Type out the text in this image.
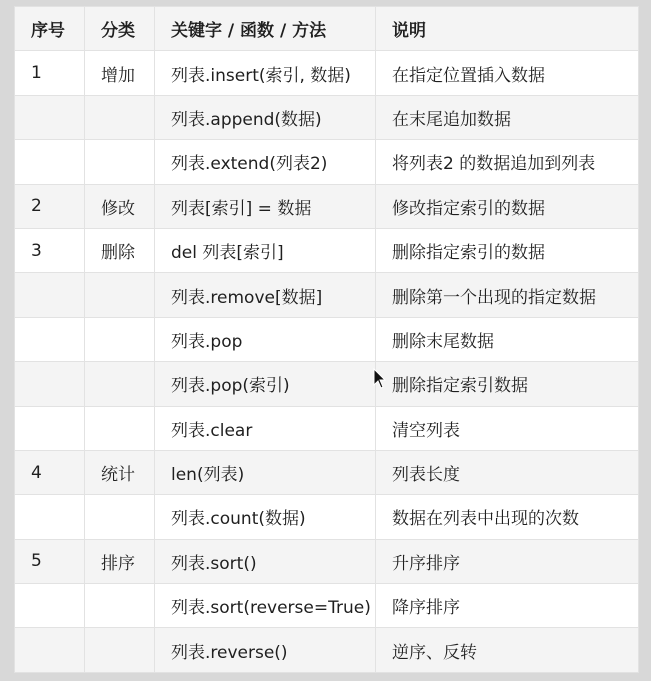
序号	分类	关键字 / 函数 / 方法	说明
1	增加	列表.insert(索引, 数据)	在指定位置插入数据
		列表.append(数据)	在末尾追加数据
		列表.extend(列表2)	将列表2 的数据追加到列表
2	修改	列表[索引] = 数据	修改指定索引的数据
3	删除	del 列表[索引]	删除指定索引的数据
		列表.remove[数据]	删除第一个出现的指定数据
		列表.pop	删除末尾数据
		列表.pop(索引)	删除指定索引数据
		列表.clear	清空列表
4	统计	len(列表)	列表长度
		列表.count(数据)	数据在列表中出现的次数
5	排序	列表.sort()	升序排序
		列表.sort(reverse=True)	降序排序
		列表.reverse()	逆序、反转
